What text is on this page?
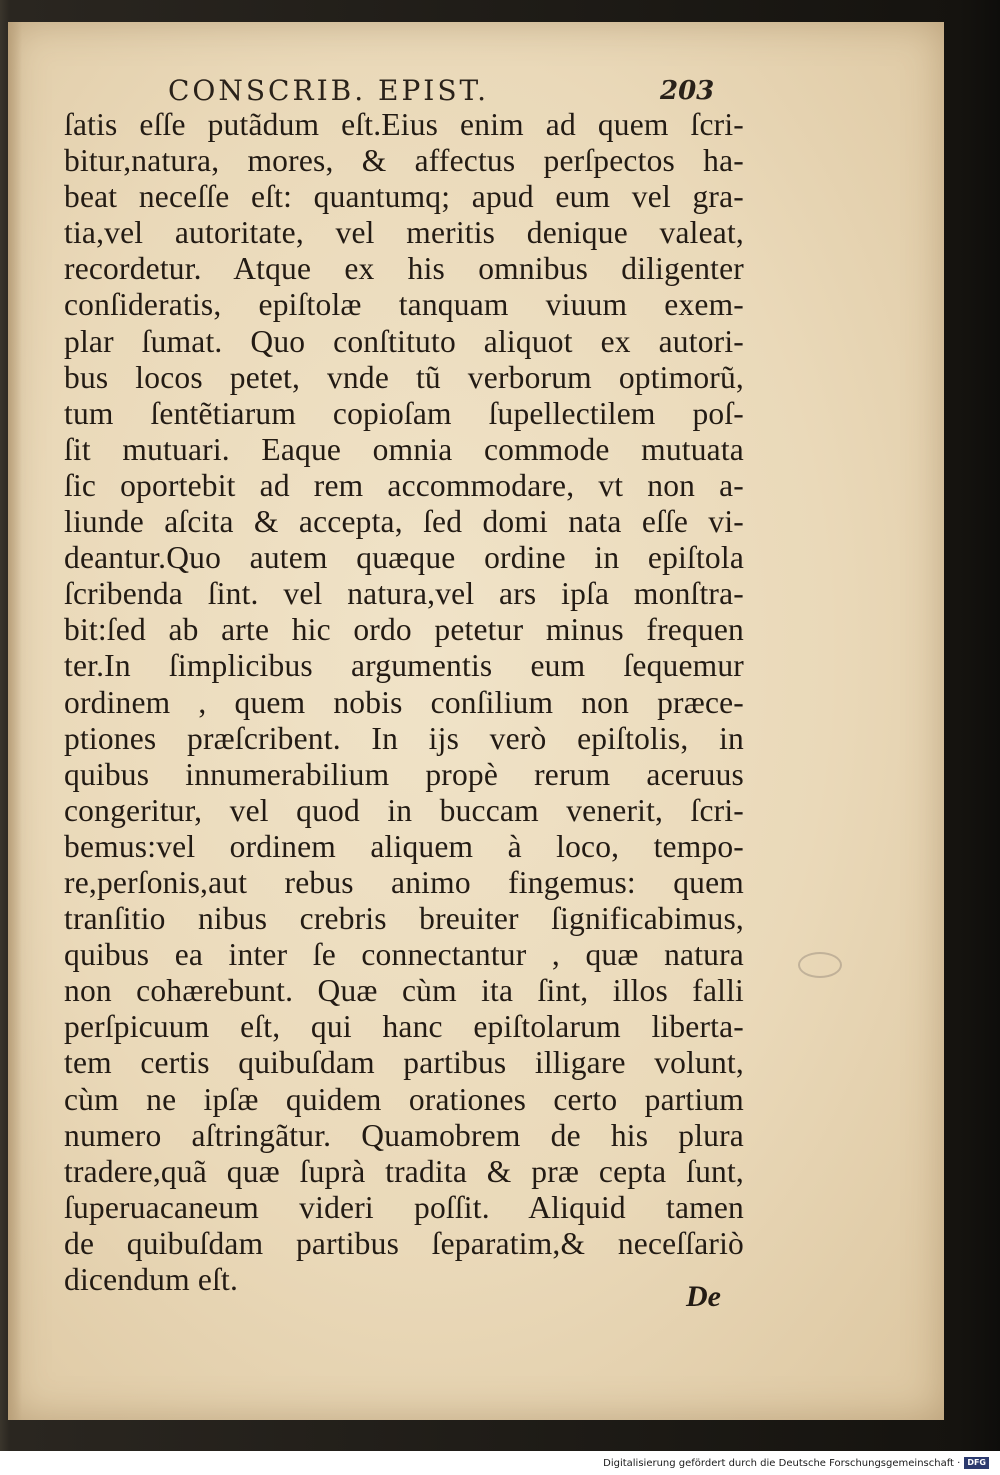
CONSCRIB. EPIST.	203
ſatis eſſe putãdum eſt.Eius enim ad quem ſcri-
bitur,natura, mores, & affectus perſpectos ha-
beat neceſſe eſt: quantumq; apud eum vel gra-
tia,vel autoritate, vel meritis denique valeat,
recordetur. Atque ex his omnibus diligenter
conſideratis, epiſtolæ tanquam viuum exem-
plar ſumat. Quo conſtituto aliquot ex autori-
bus locos petet, vnde tũ verborum optimorũ,
tum ſentẽtiarum copioſam ſupellectilem poſ-
ſit mutuari. Eaque omnia commode mutuata
ſic oportebit ad rem accommodare, vt non a-
liunde aſcita & accepta, ſed domi nata eſſe vi-
deantur.Quo autem quæque ordine in epiſtola
ſcribenda ſint. vel natura,vel ars ipſa monſtra-
bit:ſed ab arte hic ordo petetur minus frequen
ter.In ſimplicibus argumentis eum ſequemur
ordinem , quem nobis conſilium non præce-
ptiones præſcribent. In ijs verò epiſtolis, in
quibus innumerabilium propè rerum aceruus
congeritur, vel quod in buccam venerit, ſcri-
bemus:vel ordinem aliquem à loco, tempo-
re,perſonis,aut rebus animo fingemus: quem
tranſitio nibus crebris breuiter ſignificabimus,
quibus ea inter ſe connectantur , quæ natura
non cohærebunt. Quæ cùm ita ſint, illos falli
perſpicuum eſt, qui hanc epiſtolarum liberta-
tem certis quibuſdam partibus illigare volunt,
cùm ne ipſæ quidem orationes certo partium
numero aſtringãtur. Quamobrem de his plura
tradere,quã quæ ſuprà tradita & præ cepta ſunt,
ſuperuacaneum videri poſſit. Aliquid tamen
de quibuſdam partibus ſeparatim,& neceſſariò
dicendum eſt.	De
Digitalisierung gefördert durch die Deutsche Forschungsgemeinschaft · DFG
